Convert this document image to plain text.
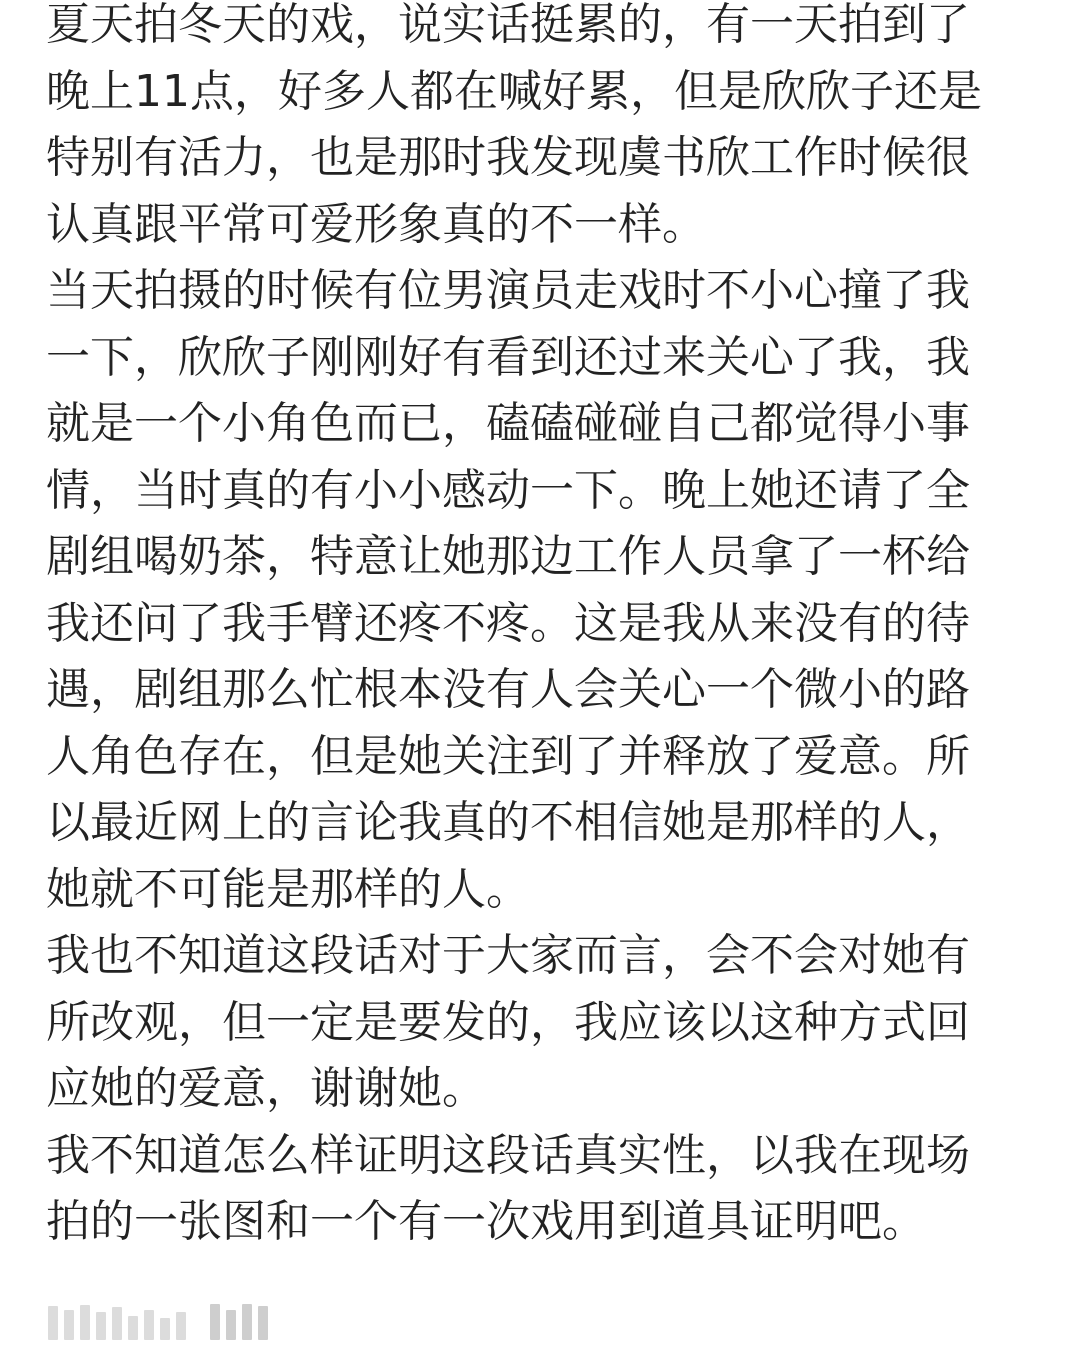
夏天拍冬天的戏，说实话挺累的，有一天拍到了
晚上11点，好多人都在喊好累，但是欣欣子还是
特别有活力，也是那时我发现虞书欣工作时候很
认真跟平常可爱形象真的不一样。
当天拍摄的时候有位男演员走戏时不小心撞了我
一下，欣欣子刚刚好有看到还过来关心了我，我
就是一个小角色而已，磕磕碰碰自己都觉得小事
情，当时真的有小小感动一下。晚上她还请了全
剧组喝奶茶，特意让她那边工作人员拿了一杯给
我还问了我手臂还疼不疼。这是我从来没有的待
遇，剧组那么忙根本没有人会关心一个微小的路
人角色存在，但是她关注到了并释放了爱意。所
以最近网上的言论我真的不相信她是那样的人，
她就不可能是那样的人。
我也不知道这段话对于大家而言，会不会对她有
所改观，但一定是要发的，我应该以这种方式回
应她的爱意，谢谢她。
我不知道怎么样证明这段话真实性，以我在现场
拍的一张图和一个有一次戏用到道具证明吧。
